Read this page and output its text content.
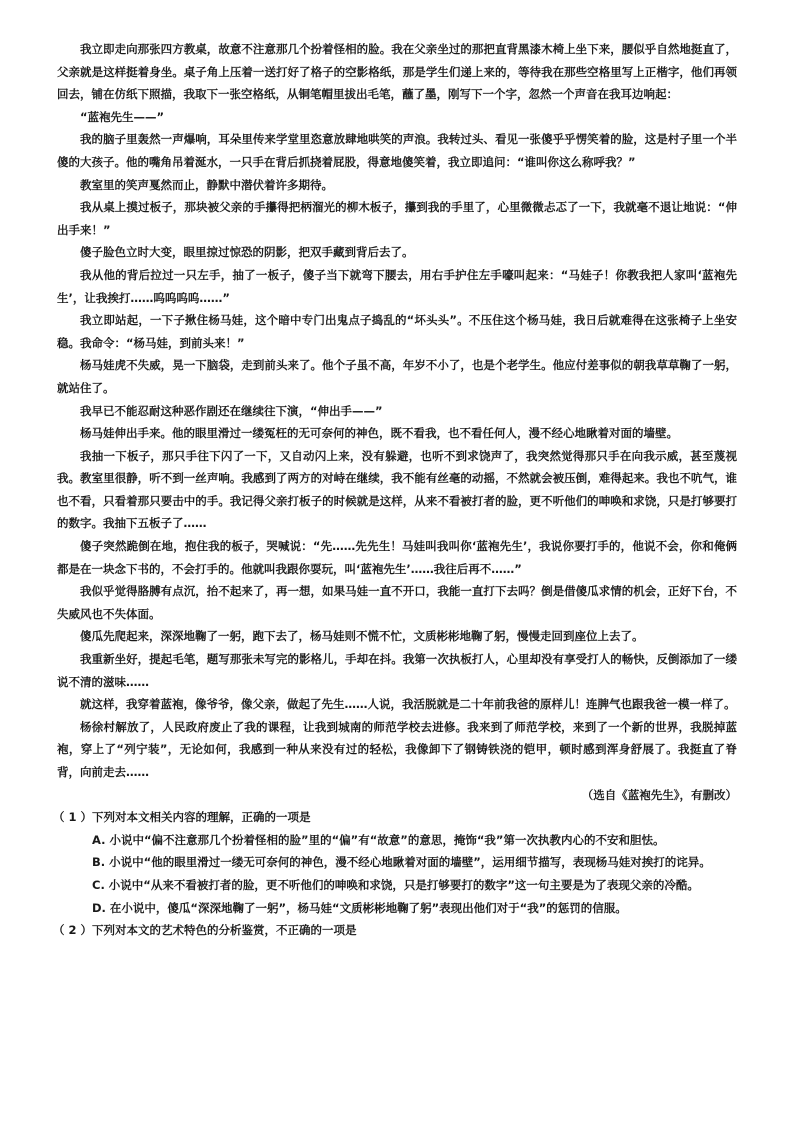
我立即走向那张四方教桌，故意不注意那几个扮着怪相的脸。我在父亲坐过的那把直背黑漆木椅上坐下来，腰似乎自然地挺直了，父亲就是这样挺着身坐。桌子角上压着一送打好了格子的空影格纸，那是学生们递上来的，等待我在那些空格里写上正楷字，他们再领回去，铺在仿纸下照描，我取下一张空格纸，从铜笔帽里拔出毛笔，蘸了墨，刚写下一个字，忽然一个声音在我耳边响起：

“蓝袍先生——”

我的脑子里轰然一声爆响，耳朵里传来学堂里恣意放肆地哄笑的声浪。我转过头、看见一张傻乎乎愣笑着的脸，这是村子里一个半傻的大孩子。他的嘴角吊着涎水，一只手在背后抓挠着屁股，得意地傻笑着，我立即追问：“谁叫你这么称呼我？”

教室里的笑声戛然而止，静默中潜伏着许多期待。

我从桌上摸过板子，那块被父亲的手攥得把柄溜光的柳木板子，攥到我的手里了，心里微微忐忑了一下，我就毫不退让地说：“伸出手来！”

傻子脸色立时大变，眼里掠过惊恐的阴影，把双手藏到背后去了。

我从他的背后拉过一只左手，抽了一板子，傻子当下就弯下腰去，用右手护住左手嚎叫起来：“马娃子！你教我把人家叫‘蓝袍先生’，让我挨打……呜呜呜呜……”

我立即站起，一下子揪住杨马娃，这个暗中专门出鬼点子捣乱的“坏头头”。不压住这个杨马娃，我日后就难得在这张椅子上坐安稳。我命令：“杨马娃，到前头来！”

杨马娃虎不失威，晃一下脑袋，走到前头来了。他个子虽不高，年岁不小了，也是个老学生。他应付差事似的朝我草草鞠了一躬，就站住了。

我早已不能忍耐这种恶作剧还在继续往下演，“伸出手——”

杨马娃伸出手来。他的眼里滑过一缕冤枉的无可奈何的神色，既不看我，也不看任何人，漫不经心地瞅着对面的墙壁。

我抽一下板子，那只手往下闪了一下，又自动闪上来，没有躲避，也听不到求饶声了，我突然觉得那只手在向我示威，甚至蔑视我。教室里很静，听不到一丝声响。我感到了两方的对峙在继续，我不能有丝毫的动摇，不然就会被压倒，难得起来。我也不吭气，谁也不看，只看着那只要击中的手。我记得父亲打板子的时候就是这样，从来不看被打者的脸，更不听他们的呻唤和求饶，只是打够要打的数字。我抽下五板子了……

傻子突然跪倒在地，抱住我的板子，哭喊说：“先……先先生！马娃叫我叫你‘蓝袍先生’，我说你要打手的，他说不会，你和俺俩都是在一块念下书的，不会打手的。他就叫我跟你耍玩，叫‘蓝袍先生’……我往后再不……”

我似乎觉得胳膊有点沉，抬不起来了，再一想，如果马娃一直不开口，我能一直打下去吗？倒是借傻瓜求情的机会，正好下台，不失威风也不失体面。

傻瓜先爬起来，深深地鞠了一躬，跑下去了，杨马娃则不慌不忙，文质彬彬地鞠了躬，慢慢走回到座位上去了。

我重新坐好，提起毛笔，题写那张未写完的影格儿，手却在抖。我第一次执板打人，心里却没有享受打人的畅快，反倒添加了一缕说不清的滋味……

就这样，我穿着蓝袍，像爷爷，像父亲，做起了先生……人说，我活脱就是二十年前我爸的原样儿！连脾气也跟我爸一模一样了。

杨徐村解放了，人民政府废止了我的课程，让我到城南的师范学校去进修。我来到了师范学校，来到了一个新的世界，我脱掉蓝袍，穿上了“列宁装”，无论如何，我感到一种从来没有过的轻松，我像卸下了钢铸铁浇的铠甲，顿时感到浑身舒展了。我挺直了脊背，向前走去……

（选自《蓝袍先生》，有删改）

（ 1 ）下列对本文相关内容的理解，正确的一项是

A. 小说中“偏不注意那几个扮着怪相的脸”里的“偏”有“故意”的意思，掩饰“我”第一次执教内心的不安和胆怯。

B. 小说中“他的眼里滑过一缕无可奈何的神色，漫不经心地瞅着对面的墙壁”，运用细节描写，表现杨马娃对挨打的诧异。

C. 小说中“从来不看被打者的脸，更不听他们的呻唤和求饶，只是打够要打的数字”这一句主要是为了表现父亲的冷酷。

D. 在小说中，傻瓜“深深地鞠了一躬”，杨马娃“文质彬彬地鞠了躬”表现出他们对于“我”的惩罚的信服。

（ 2 ）下列对本文的艺术特色的分析鉴赏，不正确的一项是
